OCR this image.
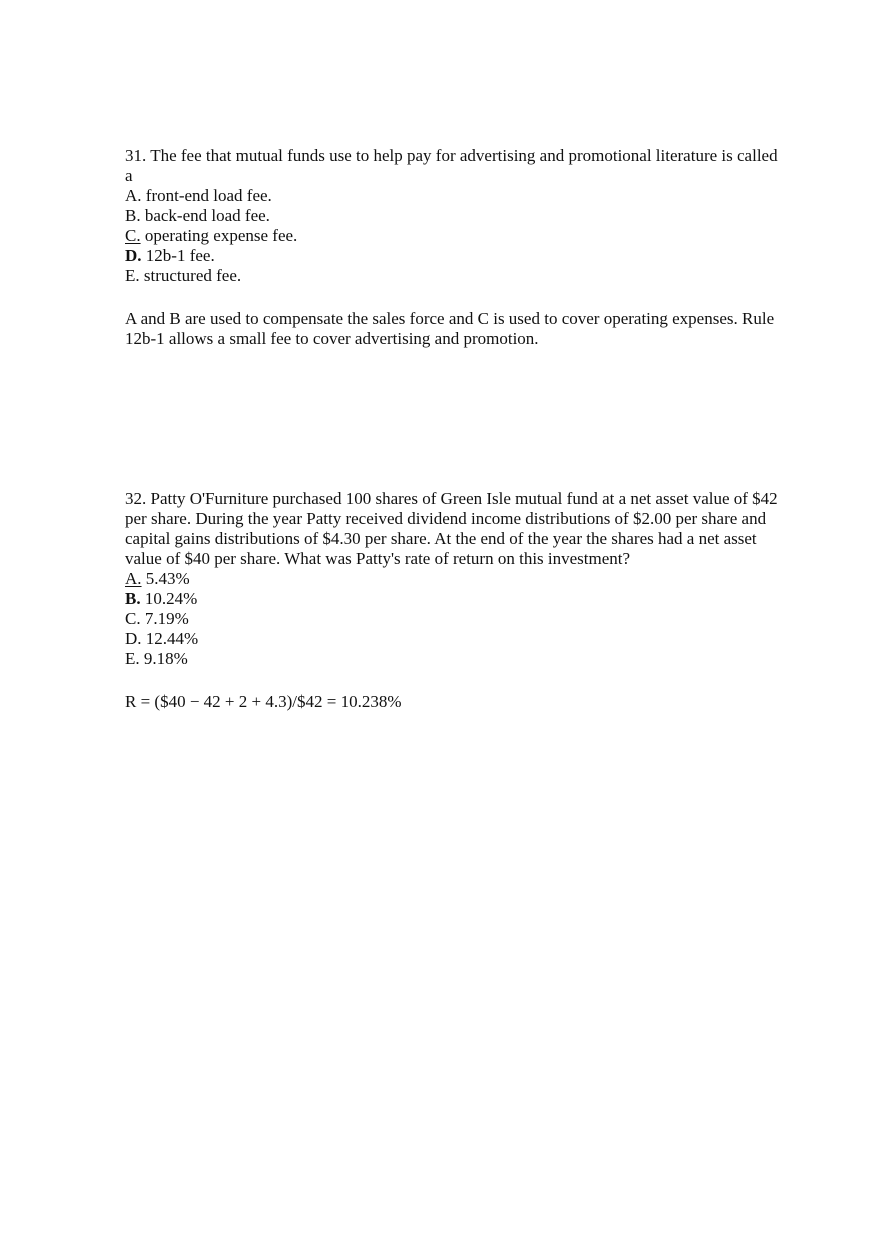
31. The fee that mutual funds use to help pay for advertising and promotional literature is called a
A. front-end load fee.
B. back-end load fee.
C. operating expense fee.
D. 12b-1 fee.
E. structured fee.
A and B are used to compensate the sales force and C is used to cover operating expenses. Rule 12b-1 allows a small fee to cover advertising and promotion.
32. Patty O'Furniture purchased 100 shares of Green Isle mutual fund at a net asset value of $42 per share. During the year Patty received dividend income distributions of $2.00 per share and capital gains distributions of $4.30 per share. At the end of the year the shares had a net asset value of $40 per share. What was Patty's rate of return on this investment?
A. 5.43%
B. 10.24%
C. 7.19%
D. 12.44%
E. 9.18%
R = ($40 − 42 + 2 + 4.3)/$42 = 10.238%
